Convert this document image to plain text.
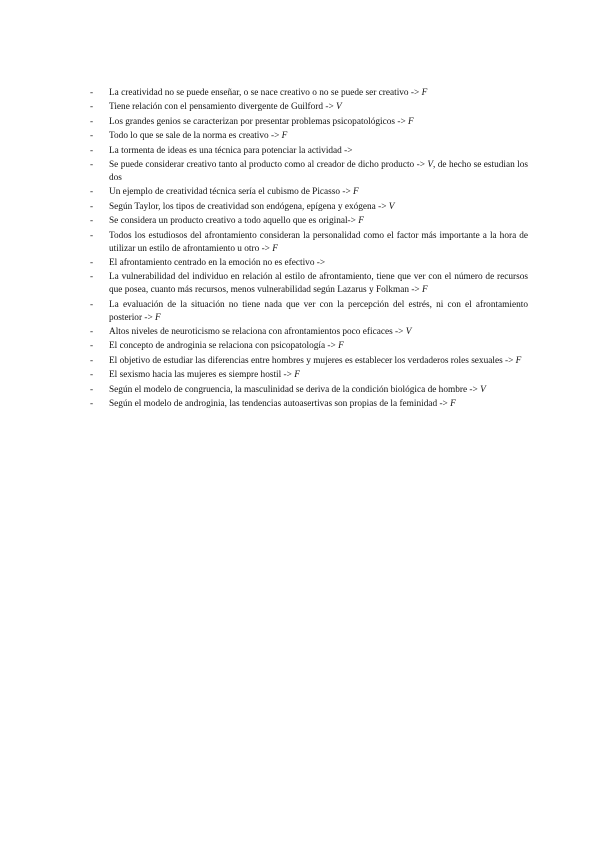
- La creatividad no se puede enseñar, o se nace creativo o no se puede ser creativo -> F
- Tiene relación con el pensamiento divergente de Guilford -> V
- Los grandes genios se caracterizan por presentar problemas psicopatológicos -> F
- Todo lo que se sale de la norma es creativo -> F
- La tormenta de ideas es una técnica para potenciar la actividad ->
- Se puede considerar creativo tanto al producto como al creador de dicho producto -> V, de hecho se estudian los dos
- Un ejemplo de creatividad técnica sería el cubismo de Picasso -> F
- Según Taylor, los tipos de creatividad son endógena, epígena y exógena -> V
- Se considera un producto creativo a todo aquello que es original-> F
- Todos los estudiosos del afrontamiento consideran la personalidad como el factor más importante a la hora de utilizar un estilo de afrontamiento u otro -> F
- El afrontamiento centrado en la emoción no es efectivo ->
- La vulnerabilidad del individuo en relación al estilo de afrontamiento, tiene que ver con el número de recursos que posea, cuanto más recursos, menos vulnerabilidad según Lazarus y Folkman -> F
- La evaluación de la situación no tiene nada que ver con la percepción del estrés, ni con el afrontamiento posterior -> F
- Altos niveles de neuroticismo se relaciona con afrontamientos poco eficaces -> V
- El concepto de androginia se relaciona con psicopatología -> F
- El objetivo de estudiar las diferencias entre hombres y mujeres es establecer los verdaderos roles sexuales -> F
- El sexismo hacia las mujeres es siempre hostil -> F
- Según el modelo de congruencia, la masculinidad se deriva de la condición biológica de hombre -> V
- Según el modelo de androginia, las tendencias autoasertivas son propias de la feminidad -> F
